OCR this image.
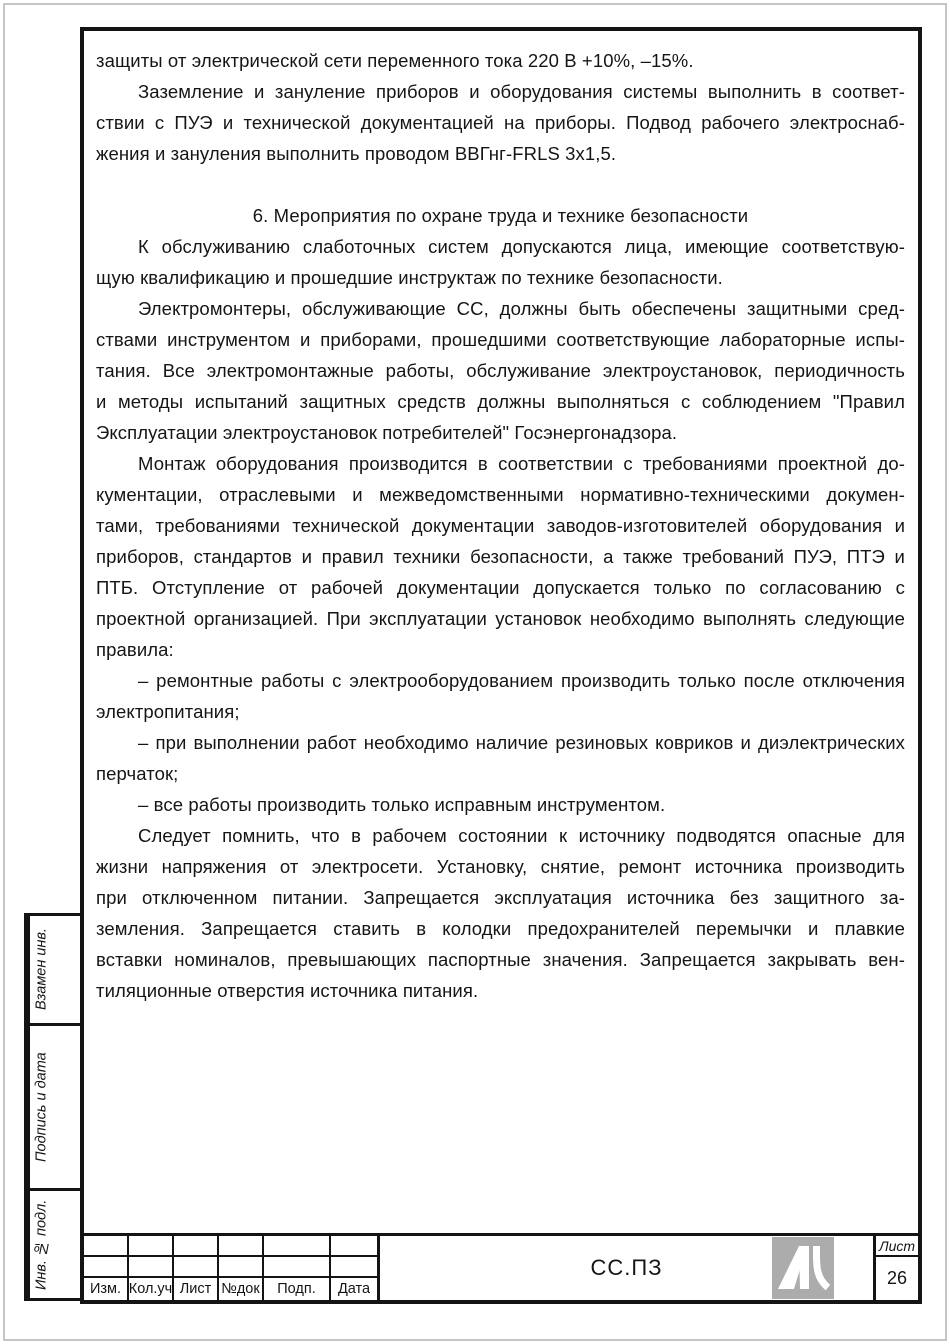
Взамен инв.
Подпись и дата
Инв. № подл.
защиты от электрической сети переменного тока 220 В +10%, –15%.
Заземление и зануление приборов и оборудования системы выполнить в соответ-
ствии с ПУЭ и технической документацией на приборы. Подвод рабочего электроснаб-
жения и зануления выполнить проводом ВВГнг-FRLS 3х1,5.
6. Мероприятия по охране труда и технике безопасности
К обслуживанию слаботочных систем допускаются лица, имеющие соответствую-
щую квалификацию и прошедшие инструктаж по технике безопасности.
Электромонтеры, обслуживающие СС, должны быть обеспечены защитными сред-
ствами инструментом и приборами, прошедшими соответствующие лабораторные испы-
тания. Все электромонтажные работы, обслуживание электроустановок, периодичность
и методы испытаний защитных средств должны выполняться с соблюдением "Правил
Эксплуатации электроустановок потребителей" Госэнергонадзора.
Монтаж оборудования производится в соответствии с требованиями проектной до-
кументации, отраслевыми и межведомственными нормативно-техническими докумен-
тами, требованиями технической документации заводов-изготовителей оборудования и
приборов, стандартов и правил техники безопасности, а также требований ПУЭ, ПТЭ и
ПТБ. Отступление от рабочей документации допускается только по согласованию с
проектной организацией. При эксплуатации установок необходимо выполнять следующие
правила:
– ремонтные работы с электрооборудованием производить только после отключения
электропитания;
– при выполнении работ необходимо наличие резиновых ковриков и диэлектрических
перчаток;
– все работы производить только исправным инструментом.
Следует помнить, что в рабочем состоянии к источнику подводятся опасные для
жизни напряжения от электросети. Установку, снятие, ремонт источника производить
при отключенном питании. Запрещается эксплуатация источника без защитного за-
земления. Запрещается ставить в колодки предохранителей перемычки и плавкие
вставки номиналов, превышающих паспортные значения. Запрещается закрывать вен-
тиляционные отверстия источника питания.
Изм. Кол.уч Лист №док	Подп.	Дата
СС.ПЗ
Лист
26
